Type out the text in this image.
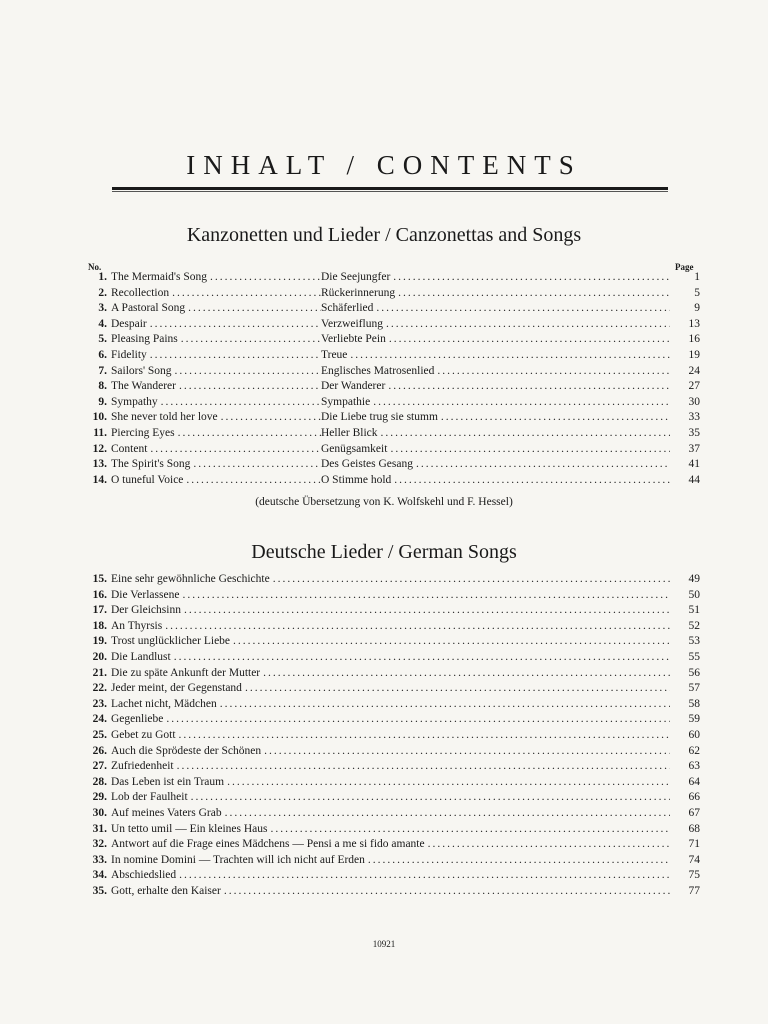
INHALT / CONTENTS
Kanzonetten und Lieder / Canzonettas and Songs
No.	Page
1. The Mermaid's Song .....	Die Seejungfer .....	1
2. Recollection .....	Rückerinnerung .....	5
3. A Pastoral Song .....	Schäferlied .....	9
4. Despair .....	Verzweiflung .....	13
5. Pleasing Pains .....	Verliebte Pein .....	16
6. Fidelity .....	Treue .....	19
7. Sailors' Song .....	Englisches Matrosenlied .....	24
8. The Wanderer .....	Der Wanderer .....	27
9. Sympathy .....	Sympathie .....	30
10. She never told her love .....	Die Liebe trug sie stumm .....	33
11. Piercing Eyes .....	Heller Blick .....	35
12. Content .....	Genügsamkeit .....	37
13. The Spirit's Song .....	Des Geistes Gesang .....	41
14. O tuneful Voice .....	O Stimme hold .....	44
(deutsche Übersetzung von K. Wolfskehl und F. Hessel)
Deutsche Lieder / German Songs
15. Eine sehr gewöhnliche Geschichte .....	49
16. Die Verlassene .....	50
17. Der Gleichsinn .....	51
18. An Thyrsis .....	52
19. Trost unglücklicher Liebe .....	53
20. Die Landlust .....	55
21. Die zu späte Ankunft der Mutter .....	56
22. Jeder meint, der Gegenstand .....	57
23. Lachet nicht, Mädchen .....	58
24. Gegenliebe .....	59
25. Gebet zu Gott .....	60
26. Auch die Sprödeste der Schönen .....	62
27. Zufriedenheit .....	63
28. Das Leben ist ein Traum .....	64
29. Lob der Faulheit .....	66
30. Auf meines Vaters Grab .....	67
31. Un tetto umil — Ein kleines Haus .....	68
32. Antwort auf die Frage eines Mädchens — Pensi a me si fido amante .....	71
33. In nomine Domini — Trachten will ich nicht auf Erden .....	74
34. Abschiedslied .....	75
35. Gott, erhalte den Kaiser .....	77
10921
